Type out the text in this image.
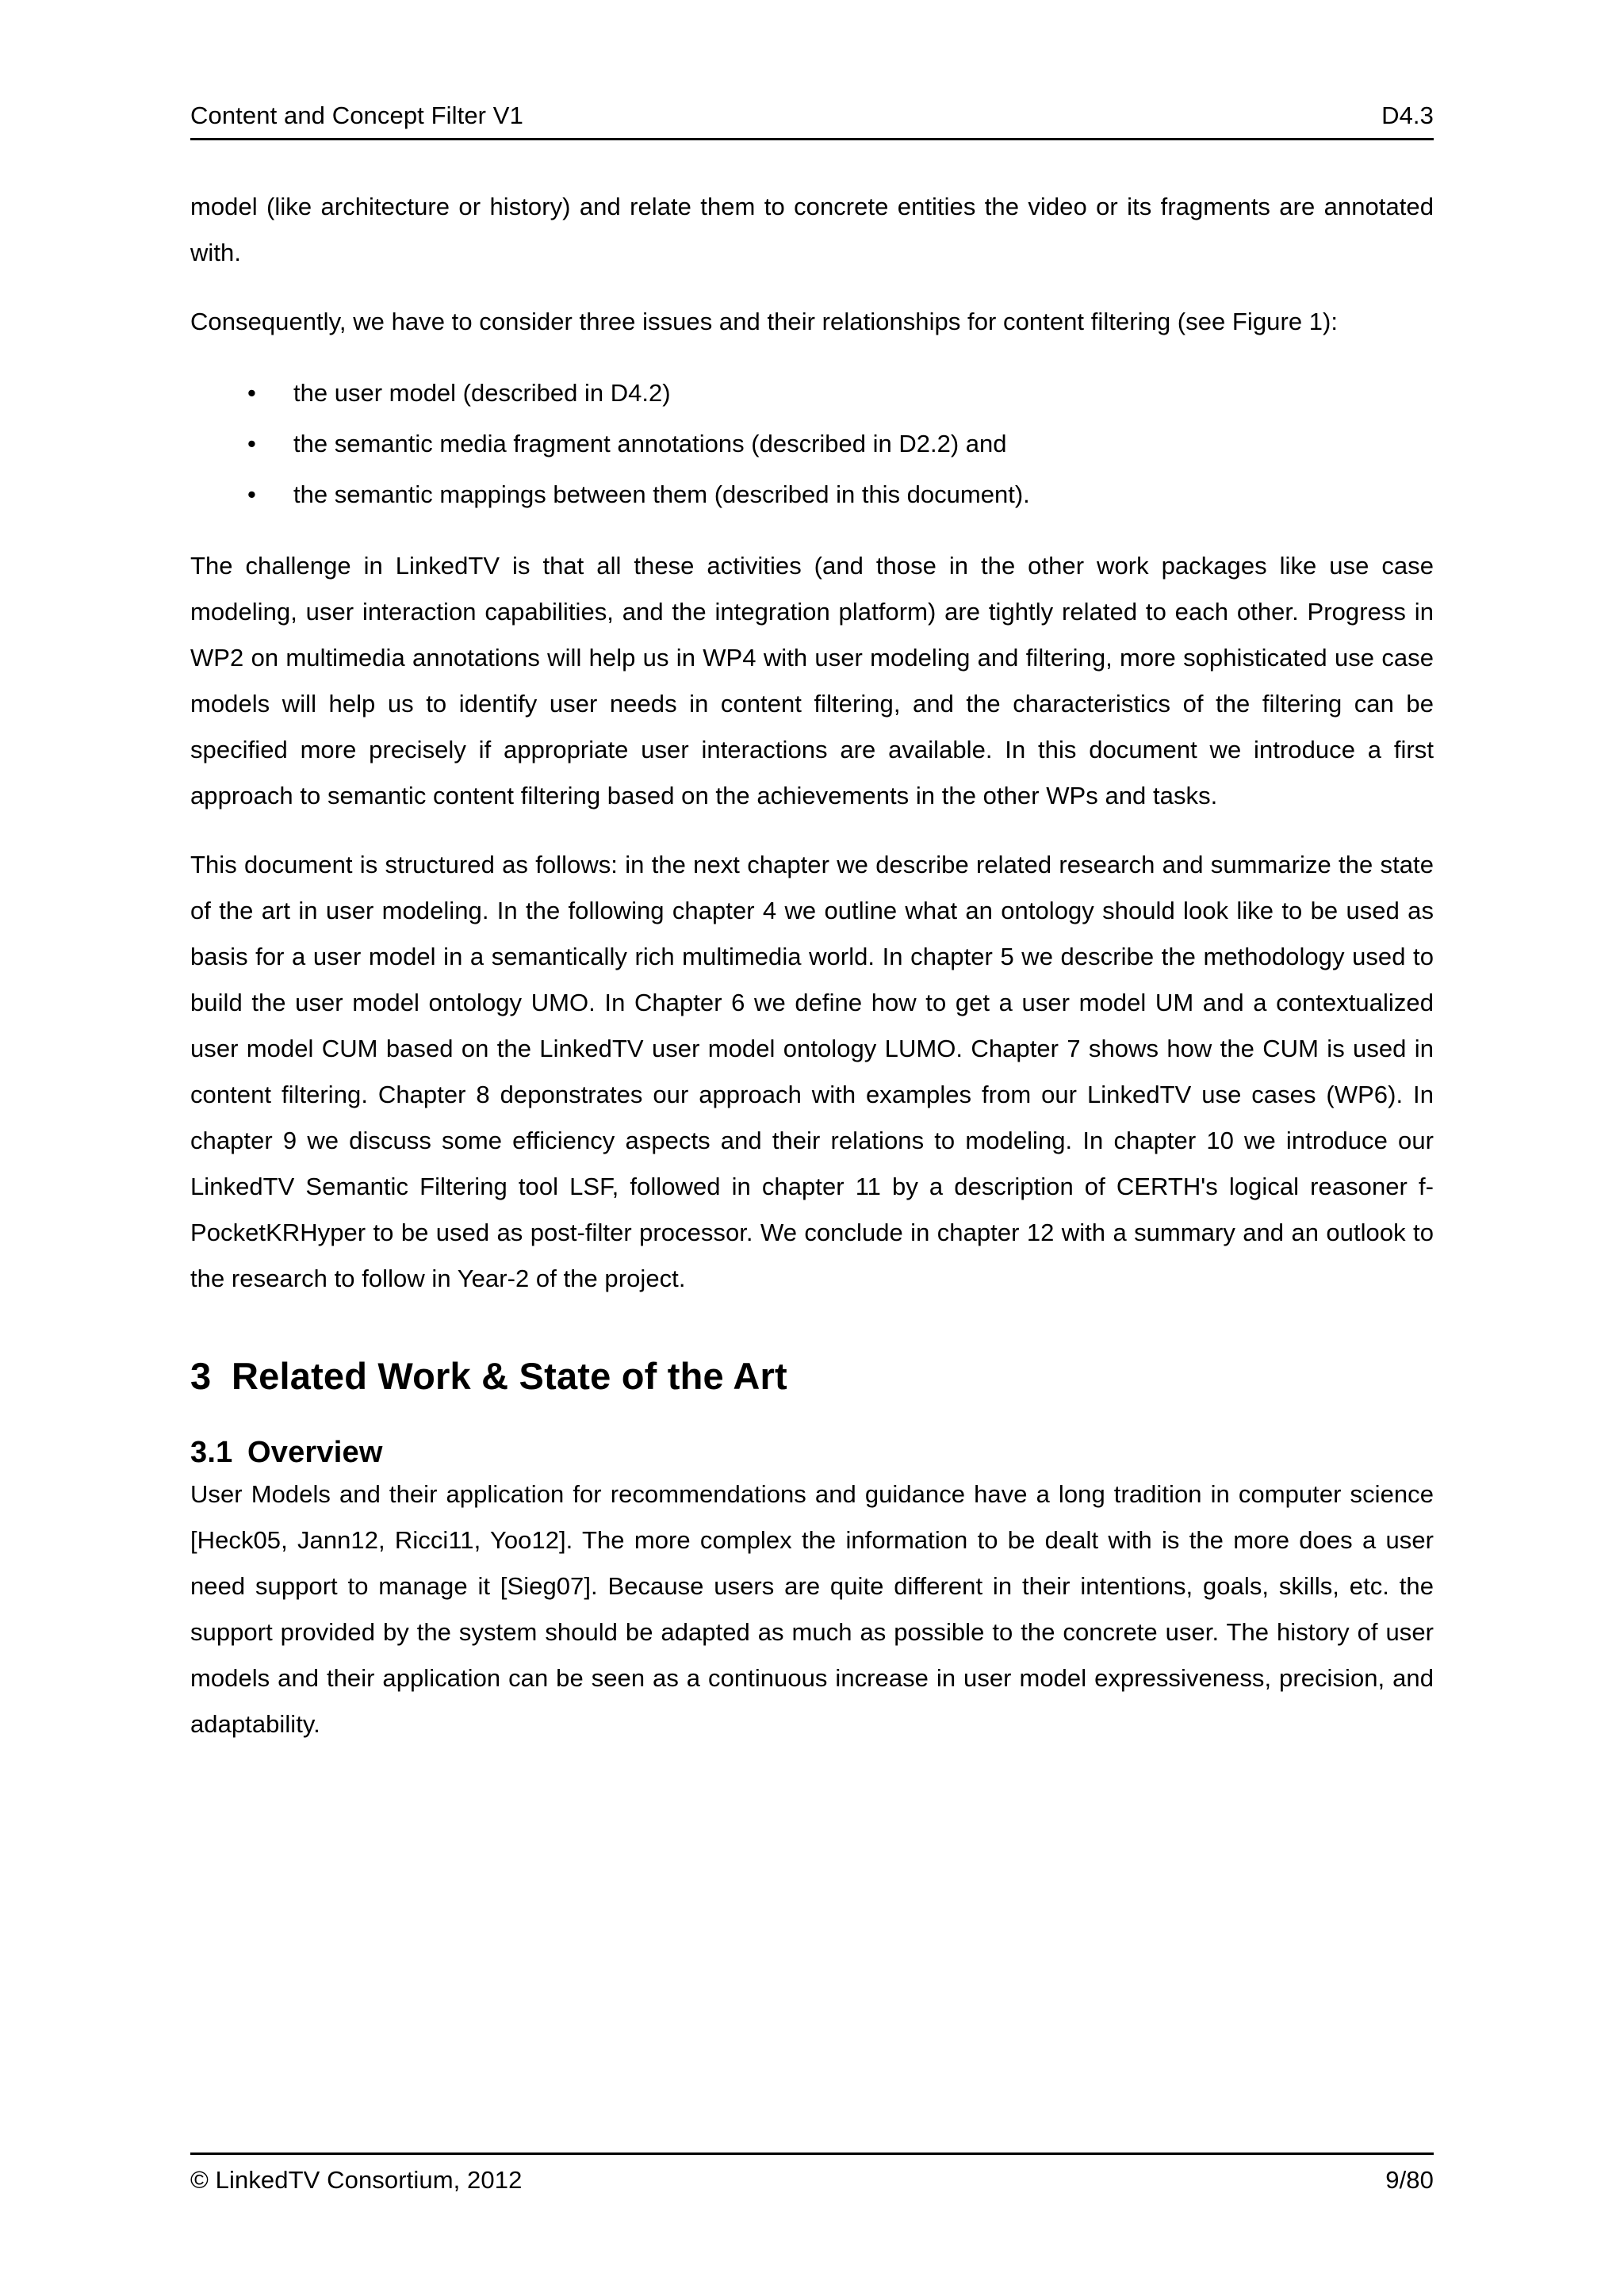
Content and Concept Filter V1	D4.3

model (like architecture or history) and relate them to concrete entities the video or its fragments are annotated with.

Consequently, we have to consider three issues and their relationships for content filtering (see Figure 1):

• the user model (described in D4.2)
• the semantic media fragment annotations (described in D2.2) and
• the semantic mappings between them (described in this document).

The challenge in LinkedTV is that all these activities (and those in the other work packages like use case modeling, user interaction capabilities, and the integration platform) are tightly related to each other. Progress in WP2 on multimedia annotations will help us in WP4 with user modeling and filtering, more sophisticated use case models will help us to identify user needs in content filtering, and the characteristics of the filtering can be specified more precisely if appropriate user interactions are available. In this document we introduce a first approach to semantic content filtering based on the achievements in the other WPs and tasks.

This document is structured as follows: in the next chapter we describe related research and summarize the state of the art in user modeling. In the following chapter 4 we outline what an ontology should look like to be used as basis for a user model in a semantically rich multimedia world. In chapter 5 we describe the methodology used to build the user model ontology UMO. In Chapter 6 we define how to get a user model UM and a contextualized user model CUM based on the LinkedTV user model ontology LUMO. Chapter 7 shows how the CUM is used in content filtering. Chapter 8 deponstrates our approach with examples from our LinkedTV use cases (WP6). In chapter 9 we discuss some efficiency aspects and their relations to modeling. In chapter 10 we introduce our LinkedTV Semantic Filtering tool LSF, followed in chapter 11 by a description of CERTH's logical reasoner f-PocketKRHyper to be used as post-filter processor. We conclude in chapter 12 with a summary and an outlook to the research to follow in Year-2 of the project.

3 Related Work & State of the Art
3.1 Overview

User Models and their application for recommendations and guidance have a long tradition in computer science [Heck05, Jann12, Ricci11, Yoo12]. The more complex the information to be dealt with is the more does a user need support to manage it [Sieg07]. Because users are quite different in their intentions, goals, skills, etc. the support provided by the system should be adapted as much as possible to the concrete user. The history of user models and their application can be seen as a continuous increase in user model expressiveness, precision, and adaptability.

© LinkedTV Consortium, 2012	9/80
